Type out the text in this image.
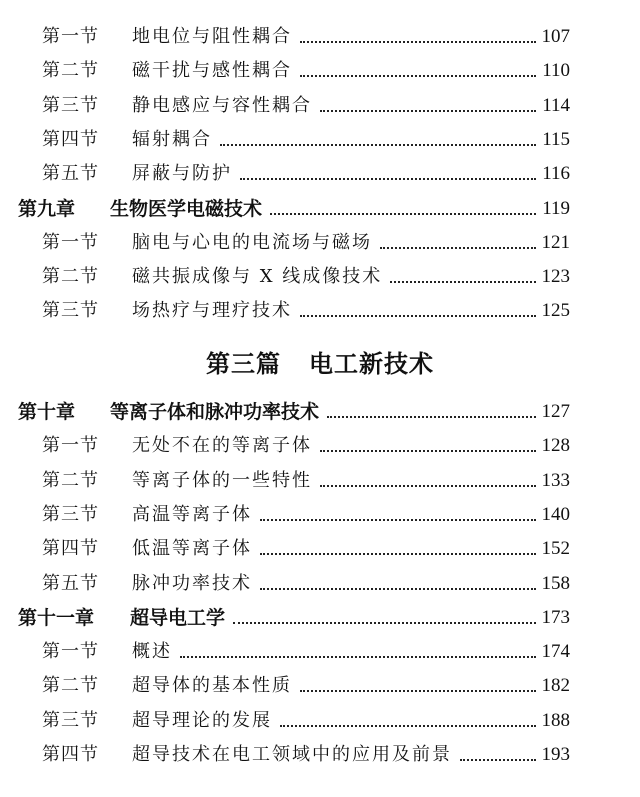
第一节 地电位与阻性耦合	107
第二节 磁干扰与感性耦合	110
第三节 静电感应与容性耦合	114
第四节 辐射耦合	115
第五节 屏蔽与防护	116
第九章 生物医学电磁技术	119
第一节 脑电与心电的电流场与磁场	121
第二节 磁共振成像与 X 线成像技术	123
第三节 场热疗与理疗技术	125
第十章 等离子体和脉冲功率技术	127
第一节 无处不在的等离子体	128
第二节 等离子体的一些特性	133
第三节 高温等离子体	140
第四节 低温等离子体	152
第五节 脉冲功率技术	158
第十一章 超导电工学	173
第一节 概述	174
第二节 超导体的基本性质	182
第三节 超导理论的发展	188
第四节 超导技术在电工领域中的应用及前景	193
第三篇 电工新技术
